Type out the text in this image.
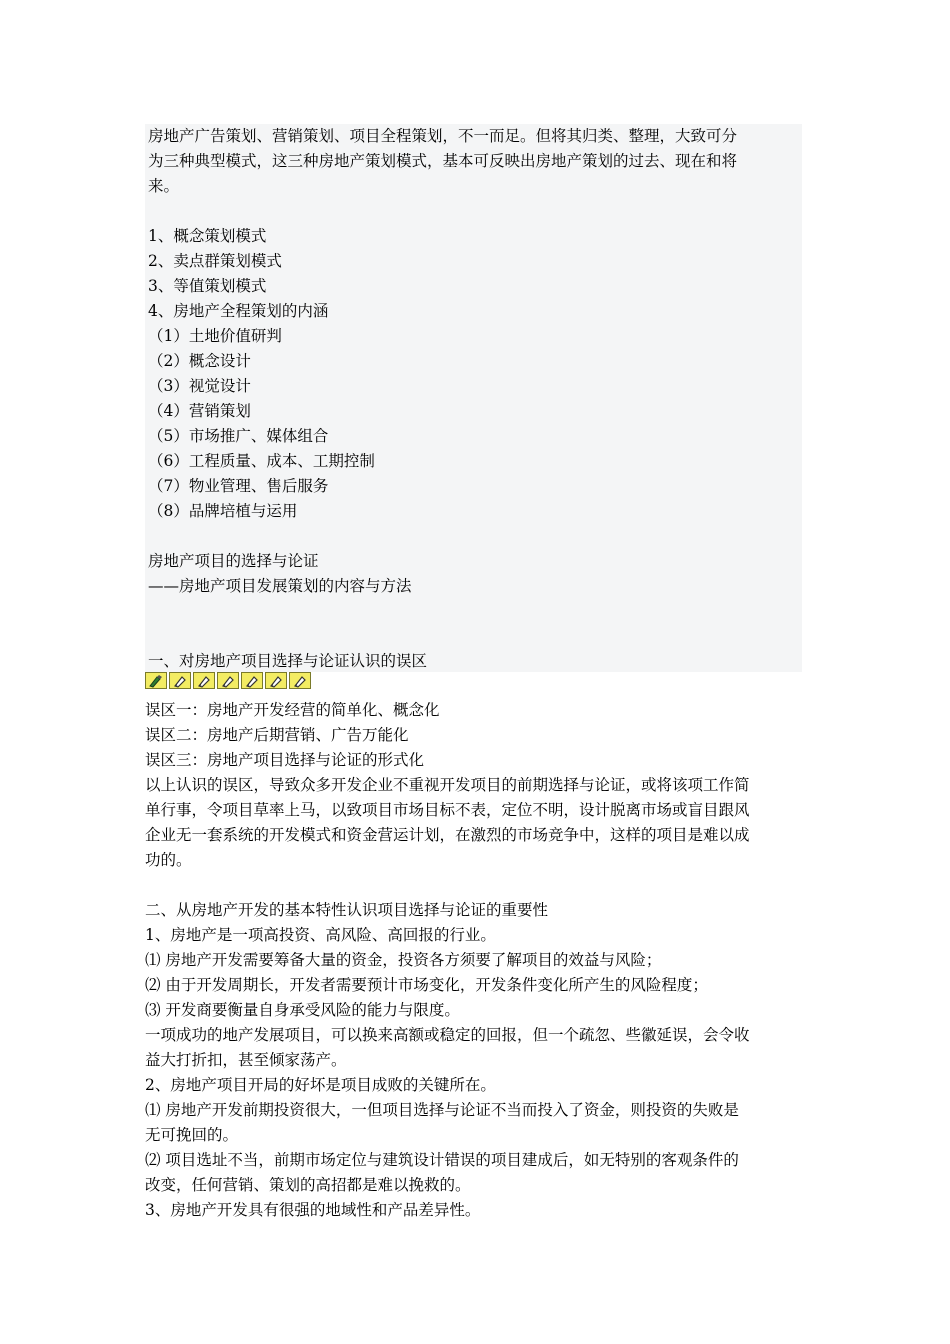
房地产广告策划、营销策划、项目全程策划，不一而足。但将其归类、整理，大致可分
为三种典型模式，这三种房地产策划模式，基本可反映出房地产策划的过去、现在和将
来。
1、概念策划模式
2、卖点群策划模式
3、等值策划模式
4、房地产全程策划的内涵
（1）土地价值研判
（2）概念设计
（3）视觉设计
（4）营销策划
（5）市场推广、媒体组合
（6）工程质量、成本、工期控制
（7）物业管理、售后服务
（8）品牌培植与运用
房地产项目的选择与论证
——房地产项目发展策划的内容与方法
一、对房地产项目选择与论证认识的误区
误区一：房地产开发经营的简单化、概念化
误区二：房地产后期营销、广告万能化
误区三：房地产项目选择与论证的形式化
以上认识的误区，导致众多开发企业不重视开发项目的前期选择与论证，或将该项工作简
单行事，令项目草率上马，以致项目市场目标不表，定位不明，设计脱离市场或盲目跟风
企业无一套系统的开发模式和资金营运计划，在激烈的市场竞争中，这样的项目是难以成
功的。
二、从房地产开发的基本特性认识项目选择与论证的重要性
1、房地产是一项高投资、高风险、高回报的行业。
⑴ 房地产开发需要筹备大量的资金，投资各方须要了解项目的效益与风险；
⑵ 由于开发周期长，开发者需要预计市场变化，开发条件变化所产生的风险程度；
⑶ 开发商要衡量自身承受风险的能力与限度。
一项成功的地产发展项目，可以换来高额或稳定的回报，但一个疏忽、些徽延误，会令收
益大打折扣，甚至倾家荡产。
2、房地产项目开局的好坏是项目成败的关键所在。
⑴ 房地产开发前期投资很大，一但项目选择与论证不当而投入了资金，则投资的失败是
无可挽回的。
⑵ 项目选址不当，前期市场定位与建筑设计错误的项目建成后，如无特别的客观条件的
改变，任何营销、策划的高招都是难以挽救的。
3、房地产开发具有很强的地域性和产品差异性。
